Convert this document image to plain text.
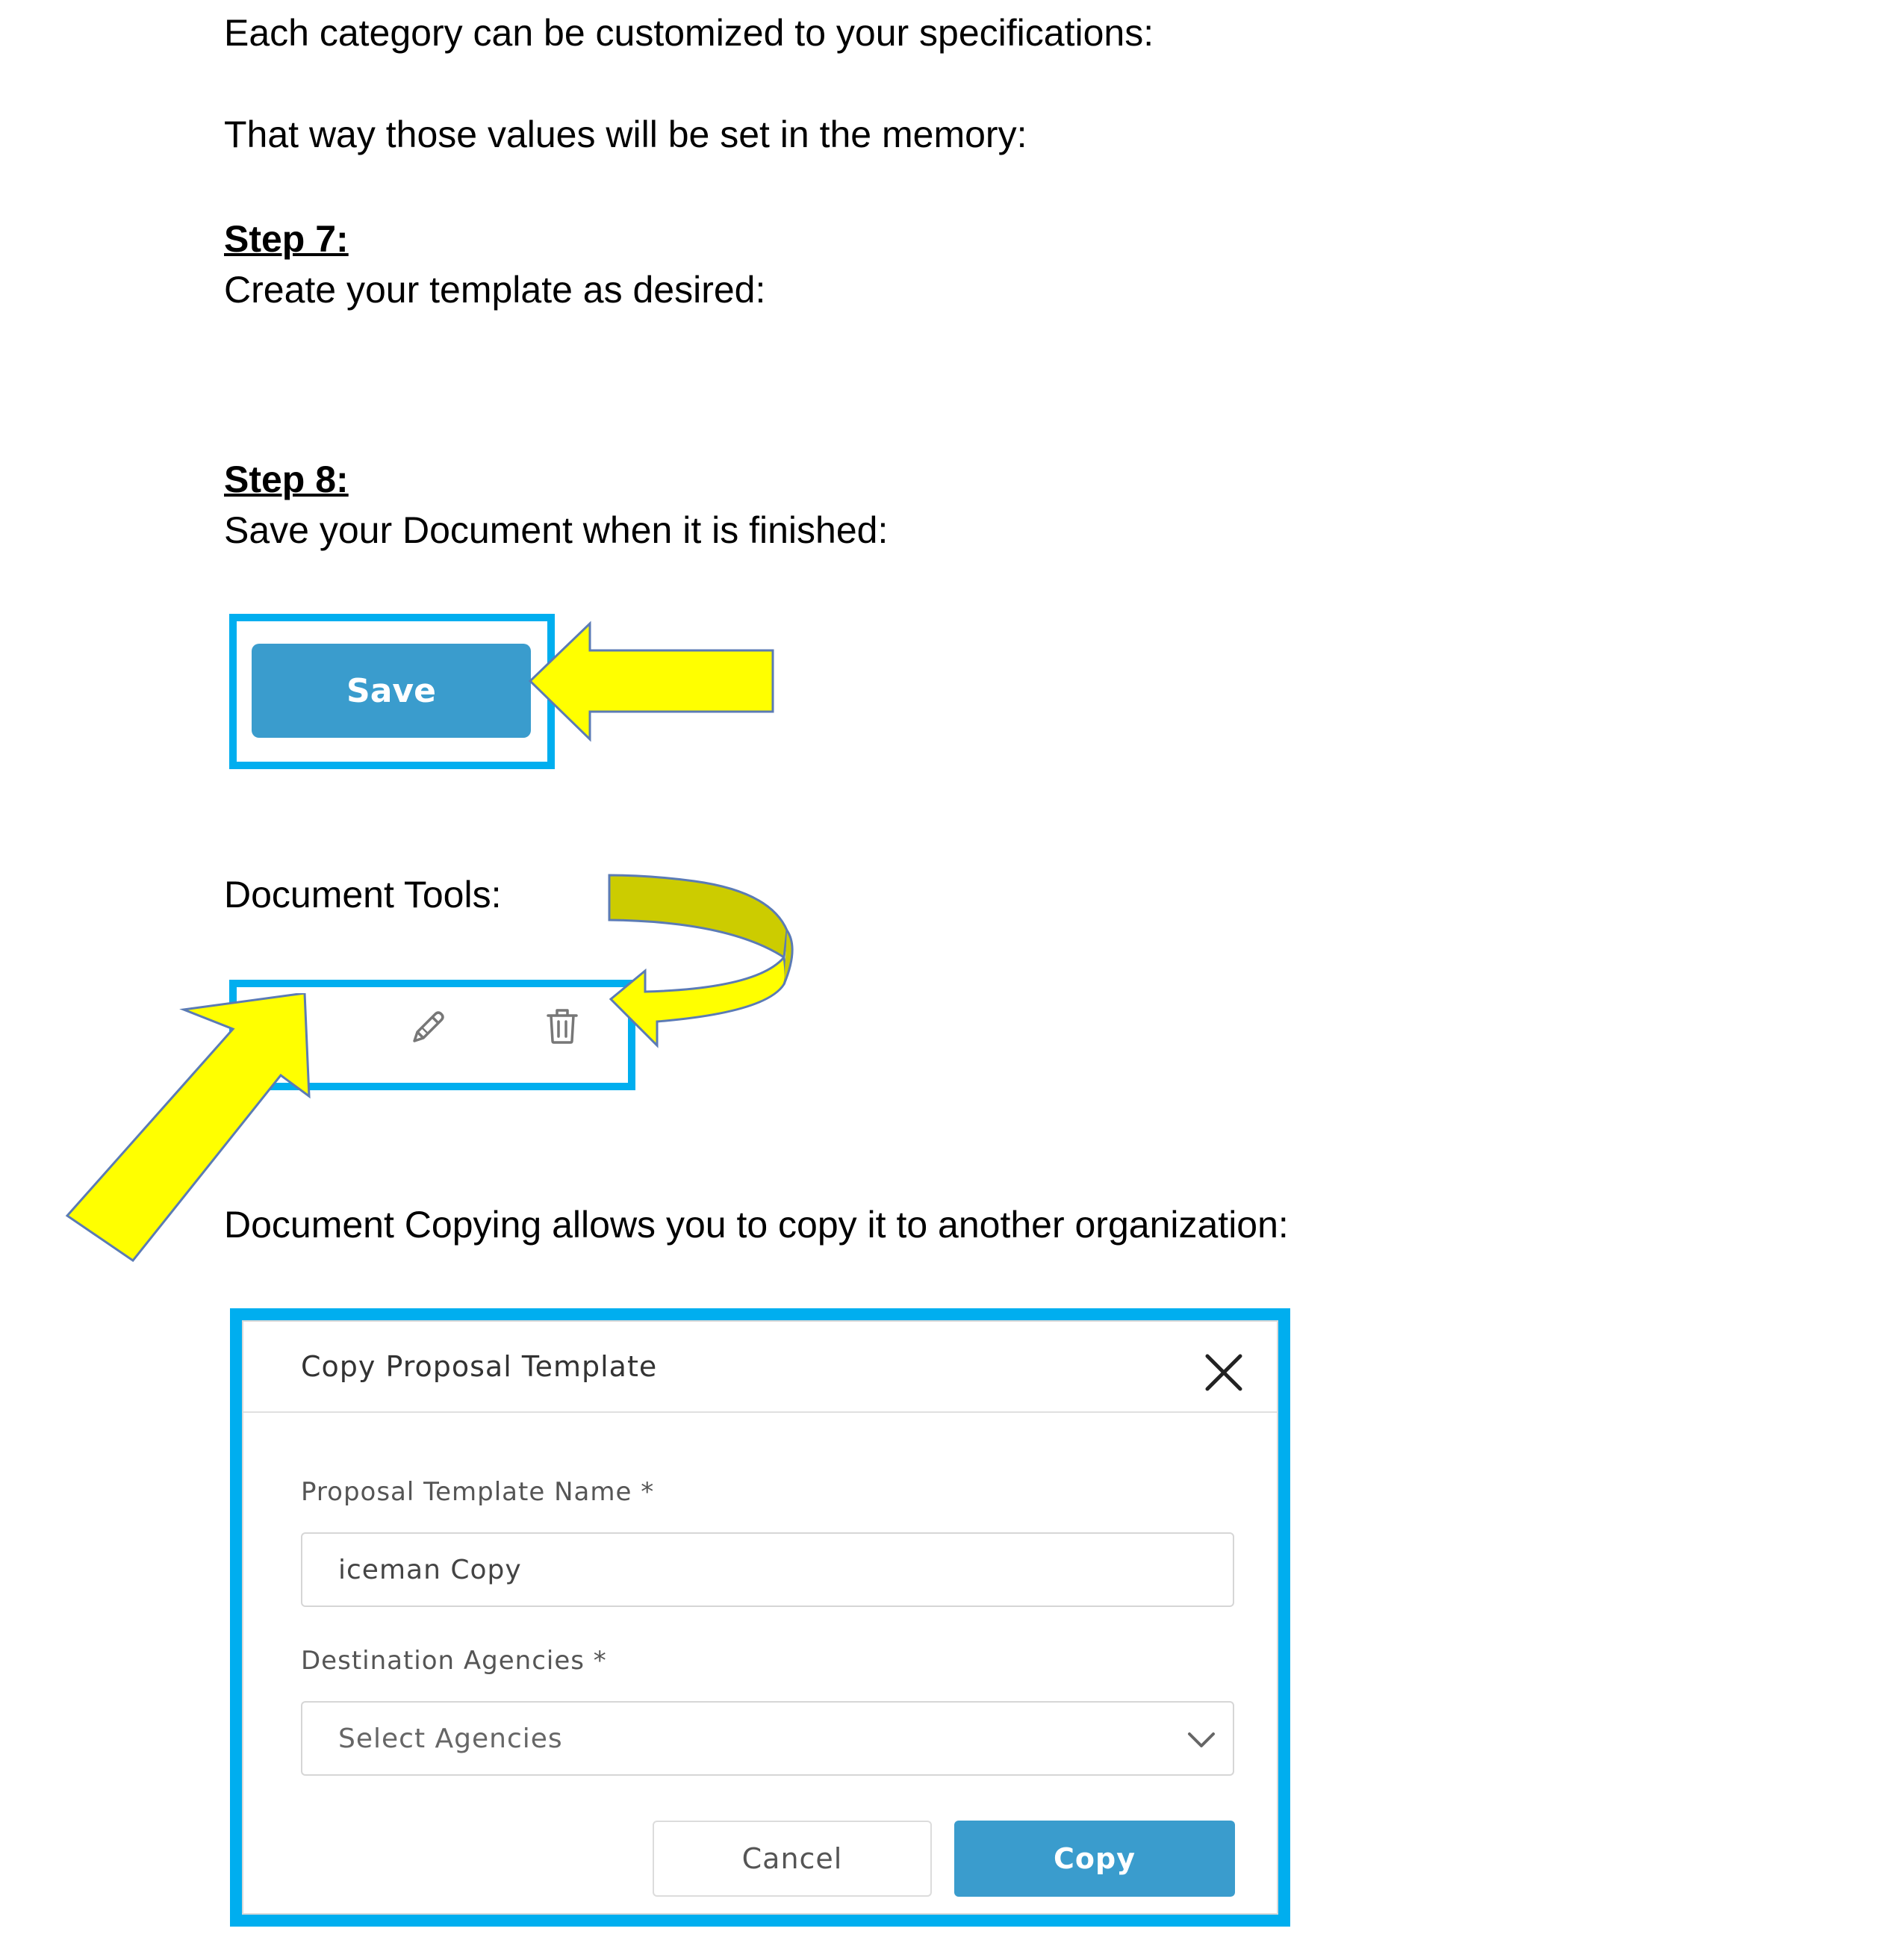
Each category can be customized to your specifications:
That way those values will be set in the memory:
Step 7:
Create your template as desired:
Step 8:
Save your Document when it is finished:
Save
Document Tools:
Document Copying allows you to copy it to another organization:
Copy Proposal Template
Proposal Template Name *
iceman Copy
Destination Agencies *
Select Agencies
Cancel	Copy
